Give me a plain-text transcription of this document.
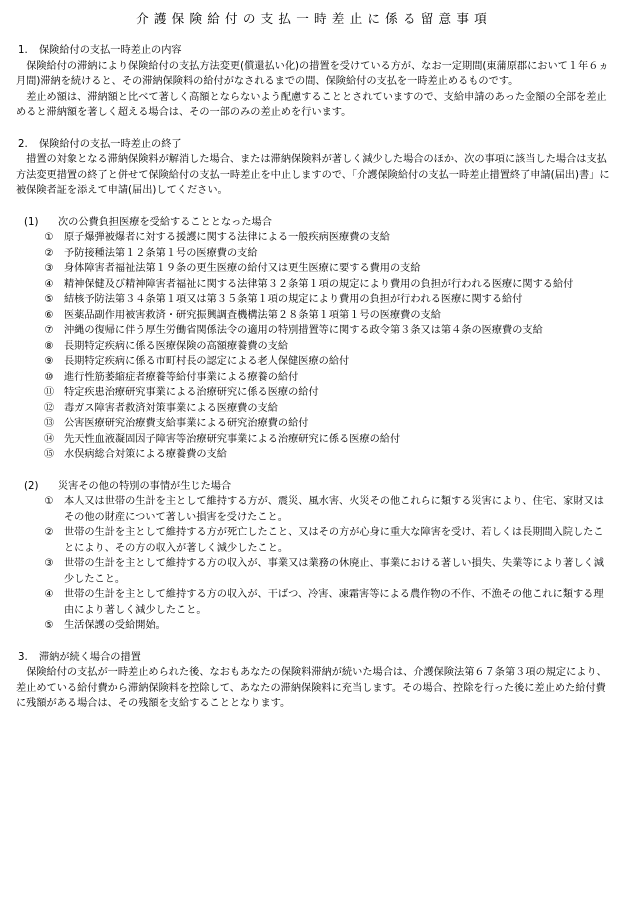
介護保険給付の支払一時差止に係る留意事項
1. 保険給付の支払一時差止の内容

保険給付の滞納により保険給付の支払方法変更(償還払い化)の措置を受けている方が、なお一定期間(東蒲原郡において１年６ヵ月間)滞納を続けると、その滞納保険料の給付がなされるまでの間、保険給付の支払を一時差止めるものです。

差止め額は、滞納額と比べて著しく高額とならないよう配慮することとされていますので、支給申請のあった金額の全部を差止めると滞納額を著しく超える場合は、その一部のみの差止めを行います。

2. 保険給付の支払一時差止の終了

措置の対象となる滞納保険料が解消した場合、または滞納保険料が著しく減少した場合のほか、次の事項に該当した場合は支払方法変更措置の終了と併せて保険給付の支払一時差止を中止しますので、「介護保険給付の支払一時差止措置終了申請(届出)書」に被保険者証を添えて申請(届出)してください。

(1) 次の公費負担医療を受給することとなった場合
①	原子爆弾被爆者に対する援護に関する法律による一般疾病医療費の支給
②	予防接種法第１２条第１号の医療費の支給
③	身体障害者福祉法第１９条の更生医療の給付又は更生医療に要する費用の支給
④	精神保健及び精神障害者福祉に関する法律第３２条第１項の規定により費用の負担が行われる医療に関する給付
⑤	結核予防法第３４条第１項又は第３５条第１項の規定により費用の負担が行われる医療に関する給付
⑥	医薬品副作用被害救済・研究振興調査機構法第２８条第１項第１号の医療費の支給
⑦	沖縄の復帰に伴う厚生労働省関係法令の適用の特別措置等に関する政令第３条又は第４条の医療費の支給
⑧	長期特定疾病に係る医療保険の高額療養費の支給
⑨	長期特定疾病に係る市町村長の認定による老人保健医療の給付
⑩	進行性筋萎縮症者療養等給付事業による療養の給付
⑪ 特定疾患治療研究事業による治療研究に係る医療の給付
⑫ 毒ガス障害者救済対策事業による医療費の支給
⑬ 公害医療研究治療費支給事業による研究治療費の給付
⑭ 先天性血液凝固因子障害等治療研究事業による治療研究に係る医療の給付
⑮ 水俣病総合対策による療養費の支給
(2) 災害その他の特別の事情が生じた場合
①	本人又は世帯の生計を主として維持する方が、震災、風水害、火災その他これらに類する災害により、住宅、家財又はその他の財産について著しい損害を受けたこと。
②	世帯の生計を主として維持する方が死亡したこと、又はその方が心身に重大な障害を受け、若しくは長期間入院したことにより、その方の収入が著しく減少したこと。
③	世帯の生計を主として維持する方の収入が、事業又は業務の休廃止、事業における著しい損失、失業等により著しく減少したこと。
④	世帯の生計を主として維持する方の収入が、干ばつ、冷害、凍霜害等による農作物の不作、不漁その他これに類する理由により著しく減少したこと。
⑤	生活保護の受給開始。
3. 滞納が続く場合の措置

保険給付の支払が一時差止められた後、なおもあなたの保険料滞納が続いた場合は、介護保険法第６７条第３項の規定により、差止めている給付費から滞納保険料を控除して、あなたの滞納保険料に充当します。その場合、控除を行った後に差止めた給付費に残額がある場合は、その残額を支給することとなります。
